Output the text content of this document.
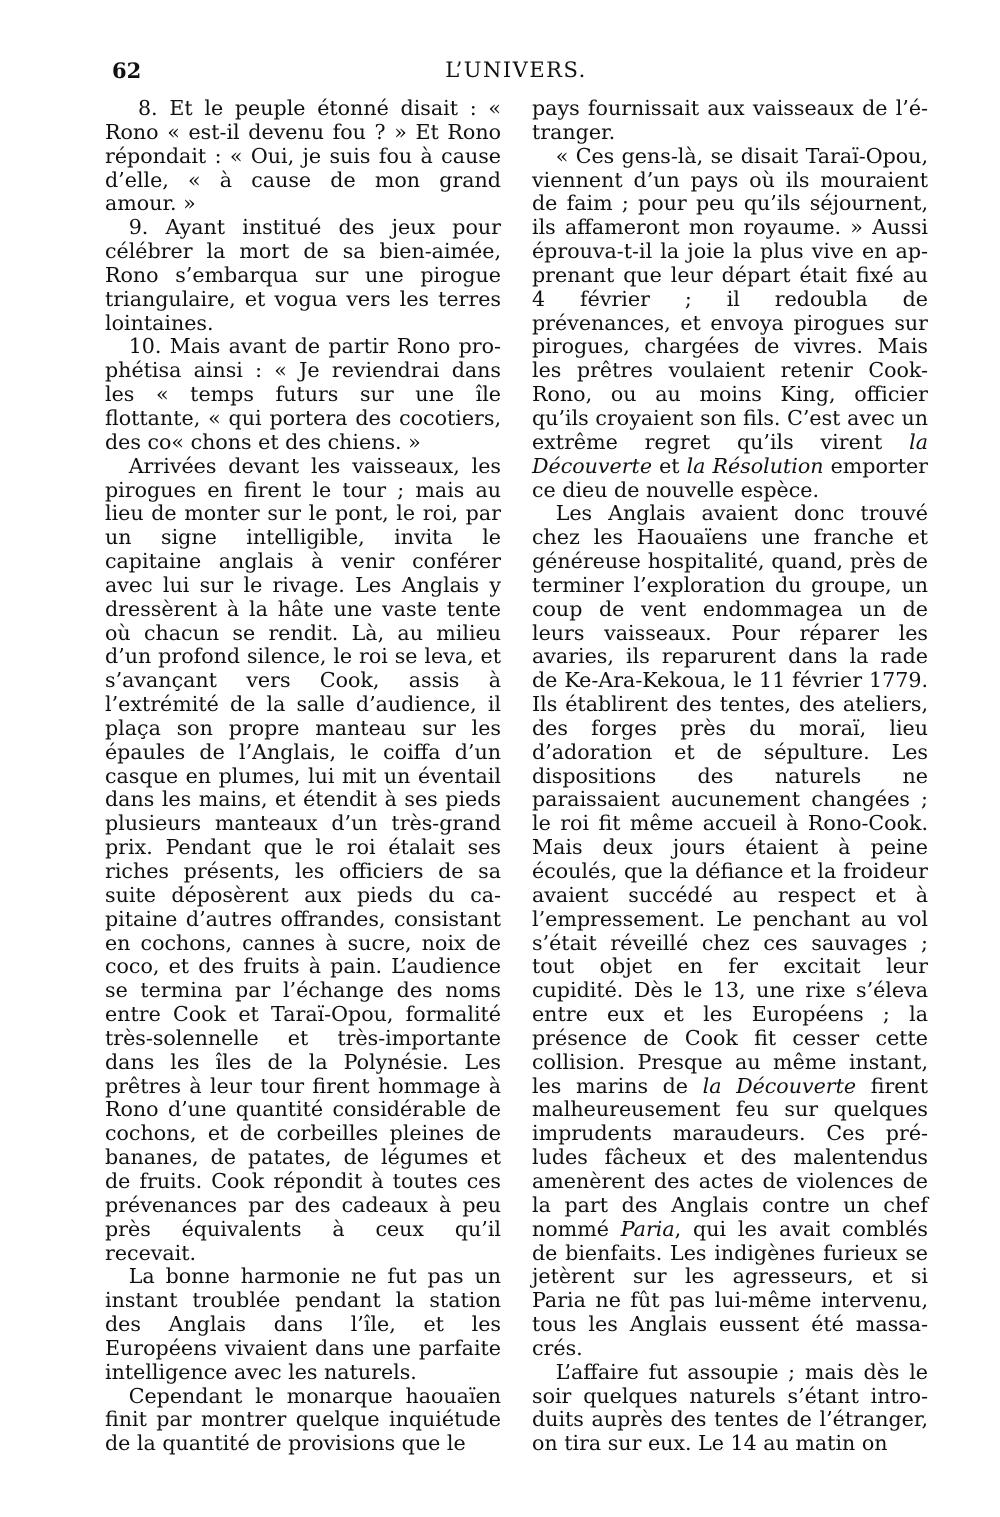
62	L’UNIVERS.

8. Et le peuple étonné disait : « Rono « est-il devenu fou ? » Et Rono répondait : « Oui, je suis fou à cause d’elle, « à cause de mon grand amour. »

9. Ayant institué des jeux pour célébrer la mort de sa bien-aimée, Rono s’embarqua sur une pirogue triangulaire, et vogua vers les terres lointaines.

10. Mais avant de partir Rono prophétisa ainsi : « Je reviendrai dans les « temps futurs sur une île flottante, « qui portera des cocotiers, des co« chons et des chiens. »

Arrivées devant les vaisseaux, les pirogues en firent le tour ; mais au lieu de monter sur le pont, le roi, par un signe intelligible, invita le capitaine anglais à venir conférer avec lui sur le rivage. Les Anglais y dressèrent à la hâte une vaste tente où chacun se rendit. Là, au milieu d’un profond silence, le roi se leva, et s’avançant vers Cook, assis à l’extrémité de la salle d’audience, il plaça son propre manteau sur les épaules de l’Anglais, le coiffa d’un casque en plumes, lui mit un éventail dans les mains, et étendit à ses pieds plusieurs manteaux d’un très-grand prix. Pendant que le roi étalait ses riches présents, les officiers de sa suite déposèrent aux pieds du capitaine d’autres offrandes, consistant en cochons, cannes à sucre, noix de coco, et des fruits à pain. L’audience se termina par l’échange des noms entre Cook et Taraï-Opou, formalité très-solennelle et très-importante dans les îles de la Polynésie. Les prêtres à leur tour firent hommage à Rono d’une quantité considérable de cochons, et de corbeilles pleines de bananes, de patates, de légumes et de fruits. Cook répondit à toutes ces prévenances par des cadeaux à peu près équivalents à ceux qu’il recevait.

La bonne harmonie ne fut pas un instant troublée pendant la station des Anglais dans l’île, et les Européens vivaient dans une parfaite intelligence avec les naturels.

Cependant le monarque haouaïen finit par montrer quelque inquiétude de la quantité de provisions que le

pays fournissait aux vaisseaux de l’étranger.

« Ces gens-là, se disait Taraï-Opou, viennent d’un pays où ils mouraient de faim ; pour peu qu’ils séjournent, ils affameront mon royaume. » Aussi éprouva-t-il la joie la plus vive en apprenant que leur départ était fixé au 4 février ; il redoubla de prévenances, et envoya pirogues sur pirogues, chargées de vivres. Mais les prêtres voulaient retenir Cook-Rono, ou au moins King, officier qu’ils croyaient son fils. C’est avec un extrême regret qu’ils virent la Découverte et la Résolution emporter ce dieu de nouvelle espèce.

Les Anglais avaient donc trouvé chez les Haouaïens une franche et généreuse hospitalité, quand, près de terminer l’exploration du groupe, un coup de vent endommagea un de leurs vaisseaux. Pour réparer les avaries, ils reparurent dans la rade de Ke-Ara-Kekoua, le 11 février 1779. Ils établirent des tentes, des ateliers, des forges près du moraï, lieu d’adoration et de sépulture. Les dispositions des naturels ne paraissaient aucunement changées ; le roi fit même accueil à Rono-Cook. Mais deux jours étaient à peine écoulés, que la défiance et la froideur avaient succédé au respect et à l’empressement. Le penchant au vol s’était réveillé chez ces sauvages ; tout objet en fer excitait leur cupidité. Dès le 13, une rixe s’éleva entre eux et les Européens ; la présence de Cook fit cesser cette collision. Presque au même instant, les marins de la Découverte firent malheureusement feu sur quelques imprudents maraudeurs. Ces préludes fâcheux et des malentendus amenèrent des actes de violences de la part des Anglais contre un chef nommé Paria, qui les avait comblés de bienfaits. Les indigènes furieux se jetèrent sur les agresseurs, et si Paria ne fût pas lui-même intervenu, tous les Anglais eussent été massacrés.

L’affaire fut assoupie ; mais dès le soir quelques naturels s’étant introduits auprès des tentes de l’étranger, on tira sur eux. Le 14 au matin on
